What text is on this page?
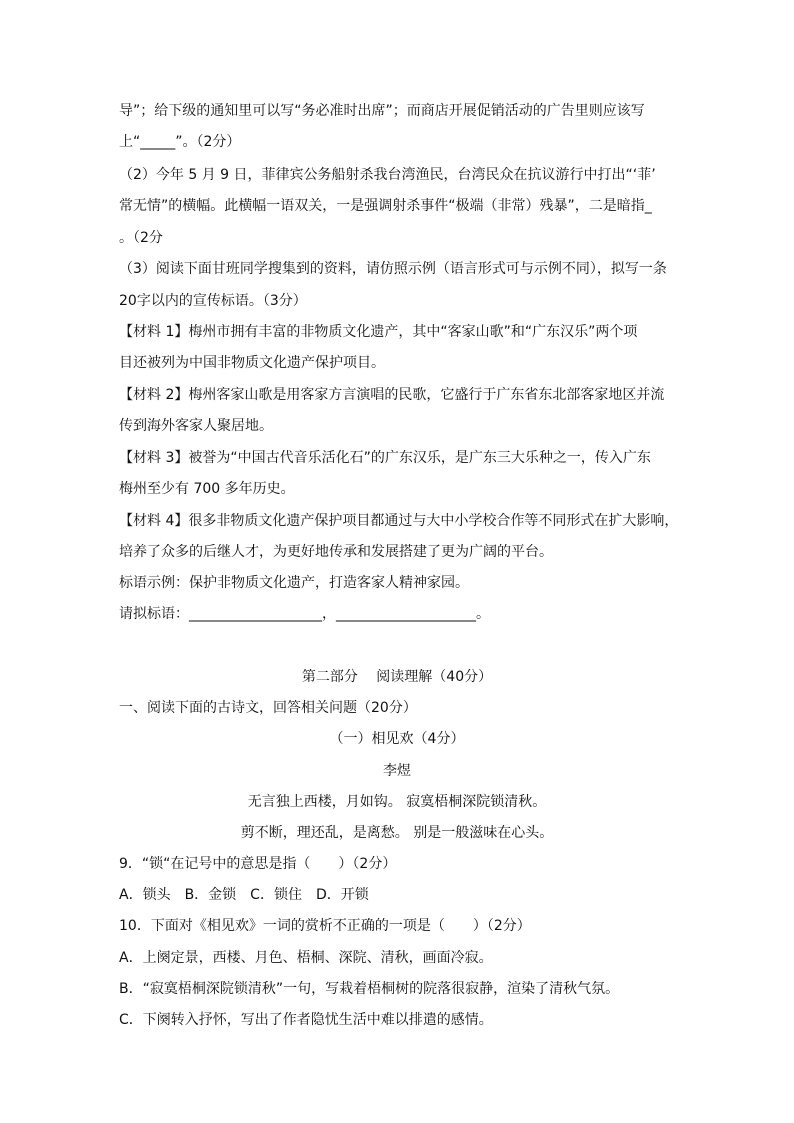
导”；给下级的通知里可以写“务必准时出席”；而商店开展促销活动的广告里则应该写
上“_____”。（2分）
（2）今年 5 月 9 日，菲律宾公务船射杀我台湾渔民，台湾民众在抗议游行中打出“‘菲’
常无情”的横幅。此横幅一语双关，一是强调射杀事件“极端（非常）残暴”，二是暗指_
。（2分
（3）阅读下面甘班同学搜集到的资料，请仿照示例（语言形式可与示例不同），拟写一条
20字以内的宣传标语。（3分）
【材料 1】梅州市拥有丰富的非物质文化遗产，其中“客家山歌”和“广东汉乐”两个项
目还被列为中国非物质文化遗产保护项目。
【材料 2】梅州客家山歌是用客家方言演唱的民歌，它盛行于广东省东北部客家地区并流
传到海外客家人聚居地。
【材料 3】被誉为“中国古代音乐活化石”的广东汉乐，是广东三大乐种之一，传入广东
梅州至少有 700 多年历史。
【材料 4】很多非物质文化遗产保护项目都通过与大中小学校合作等不同形式在扩大影响，
培养了众多的后继人才，为更好地传承和发展搭建了更为广阔的平台。
标语示例：保护非物质文化遗产，打造客家人精神家园。
请拟标语：___________________，____________________。
第二部分　 阅读理解（40分）
一、阅读下面的古诗文，回答相关问题（20分）
（一）相见欢（4分）
李煜
无言独上西楼，月如钩。 寂寞梧桐深院锁清秋。
剪不断，理还乱，是离愁。 别是一般滋味在心头。
9．“锁“在记号中的意思是指（　　）（2分）
A．锁头　B．金锁　C．锁住　D．开锁
10．下面对《相见欢》一词的赏析不正确的一项是（　　）（2分）
A．上阕定景，西楼、月色、梧桐、深院、清秋，画面冷寂。
B．“寂寞梧桐深院锁清秋”一句，写栽着梧桐树的院落很寂静，渲染了清秋气氛。
C．下阕转入抒怀，写出了作者隐忧生活中难以排遣的感情。
